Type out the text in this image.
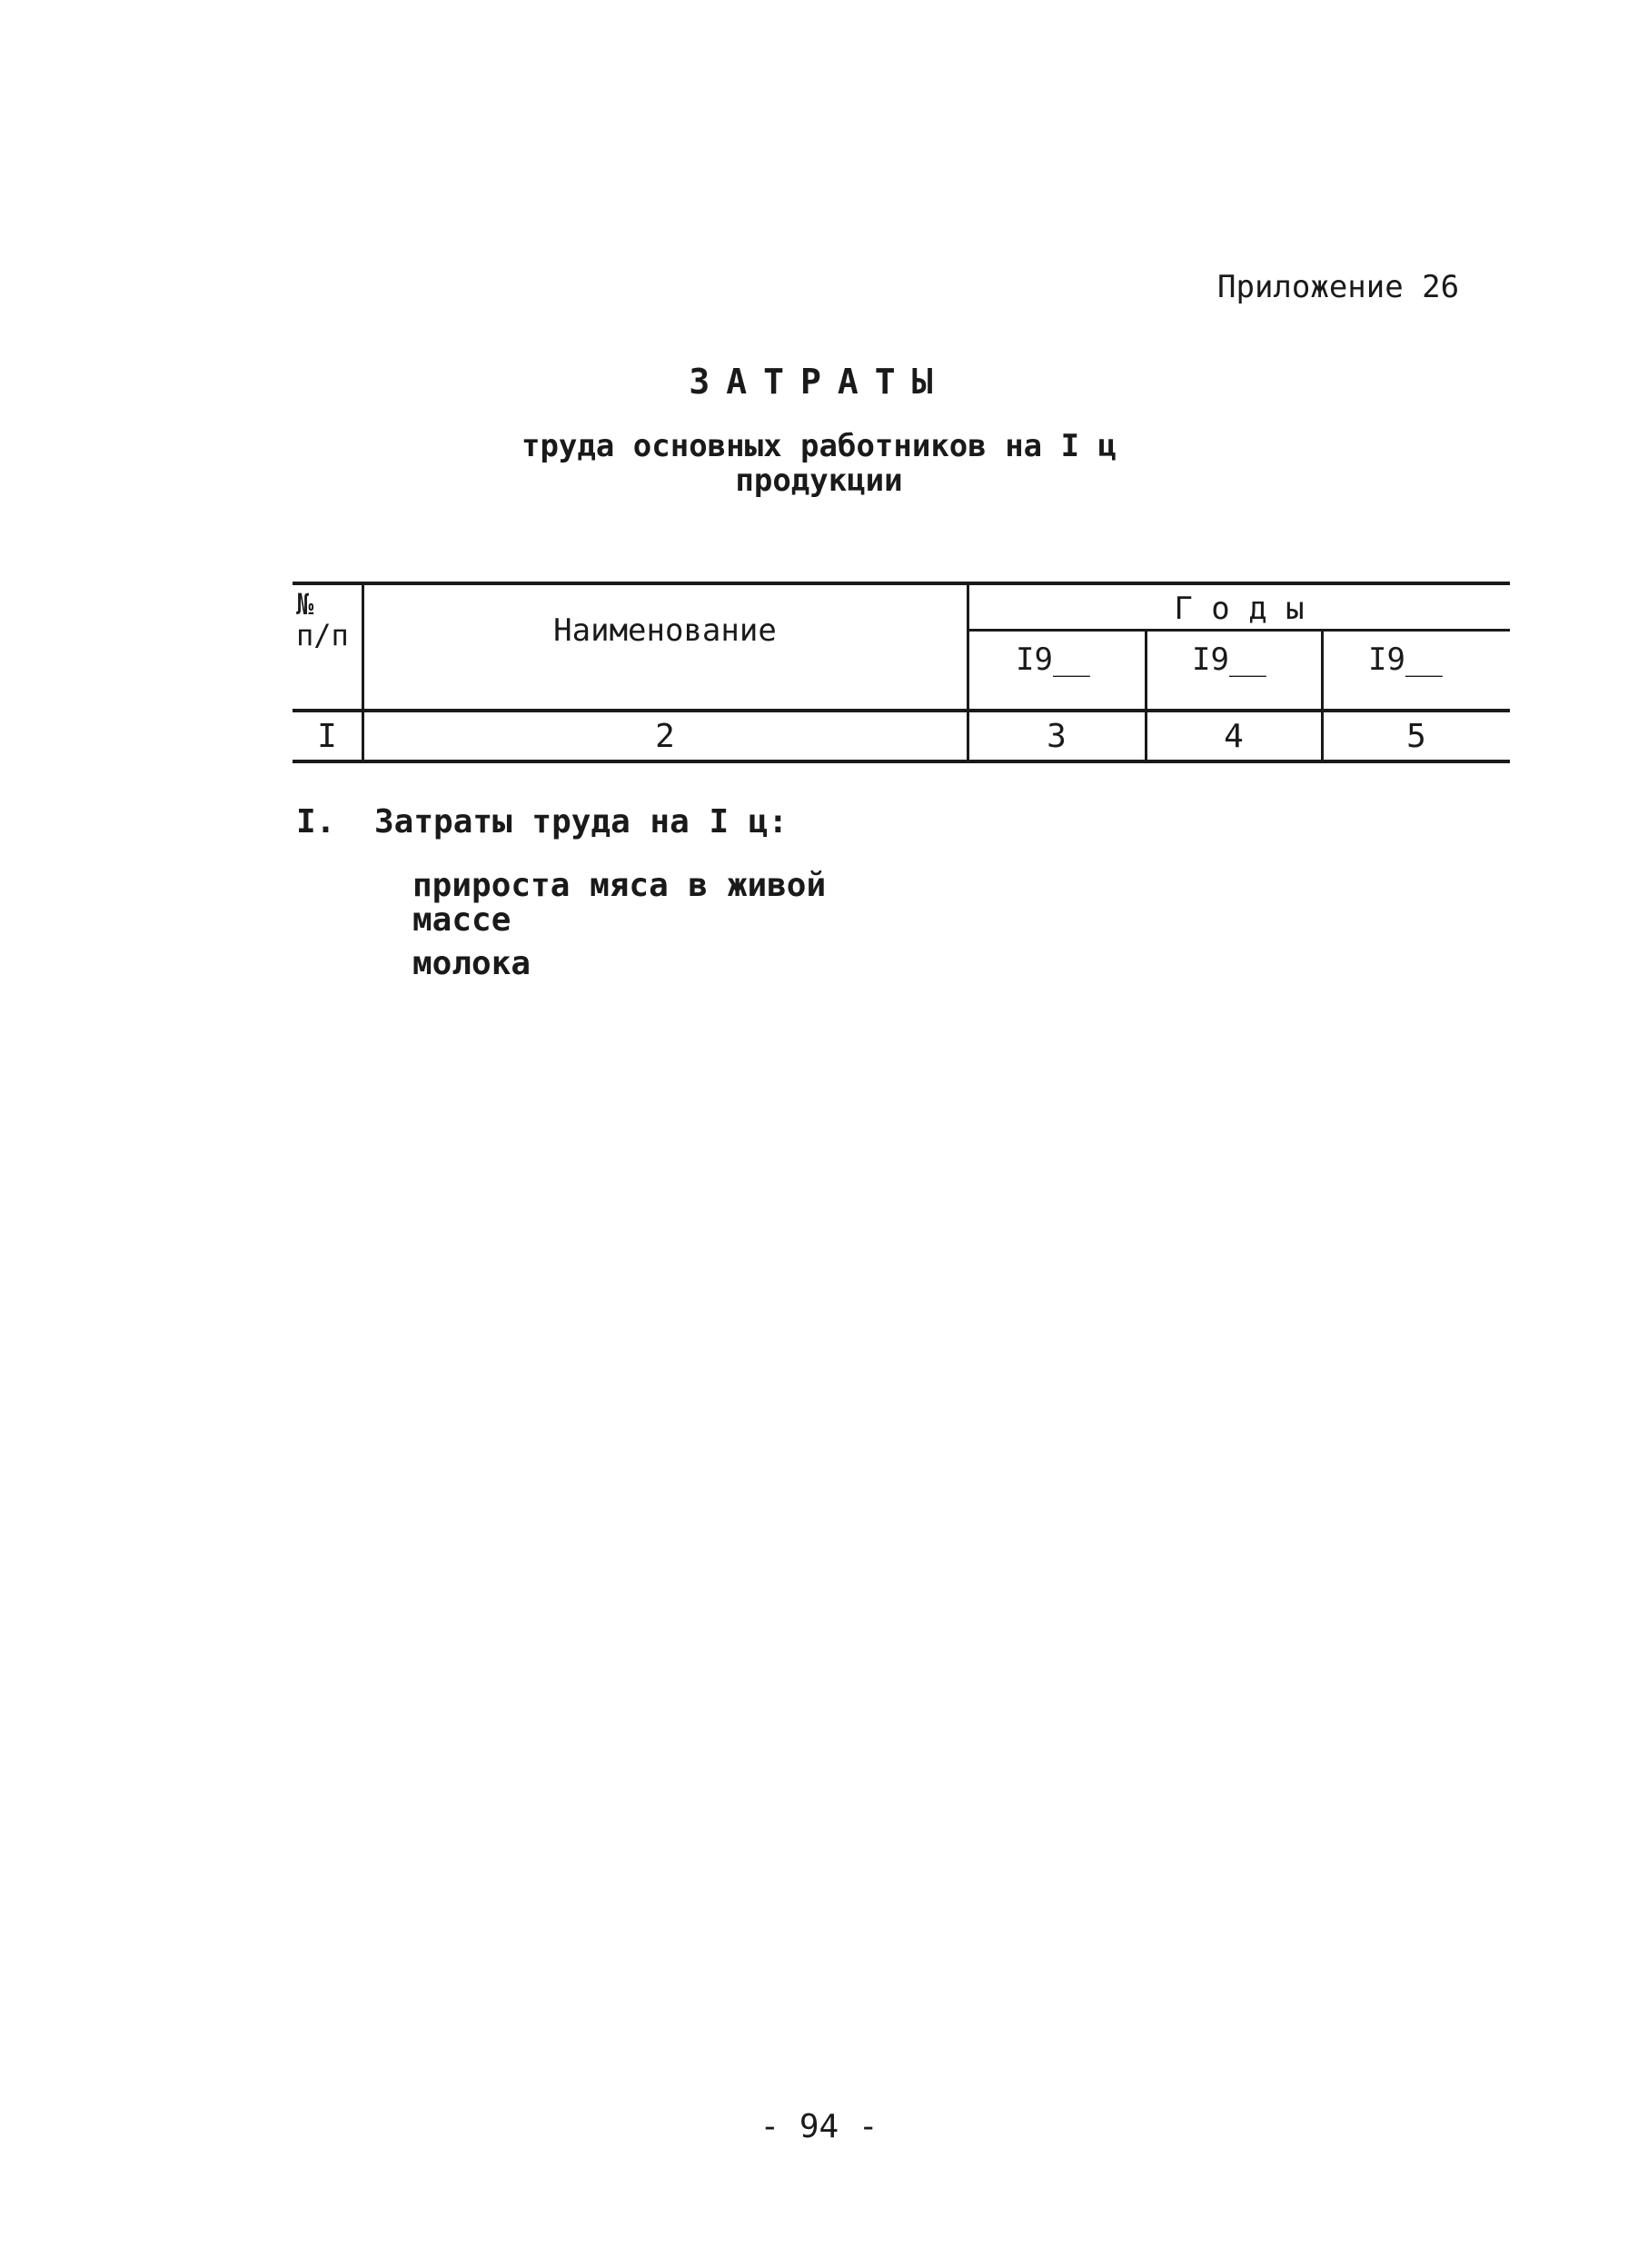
Приложение 26
ЗАТРАТЫ
труда основных работников на I ц
продукции
№
п/п	Наименование
Г о д ы
I9__	I9__	I9__
I	2	3	4	5
I. Затраты труда на I ц:
прироста мяса в живой
массе
молока
- 94 -
